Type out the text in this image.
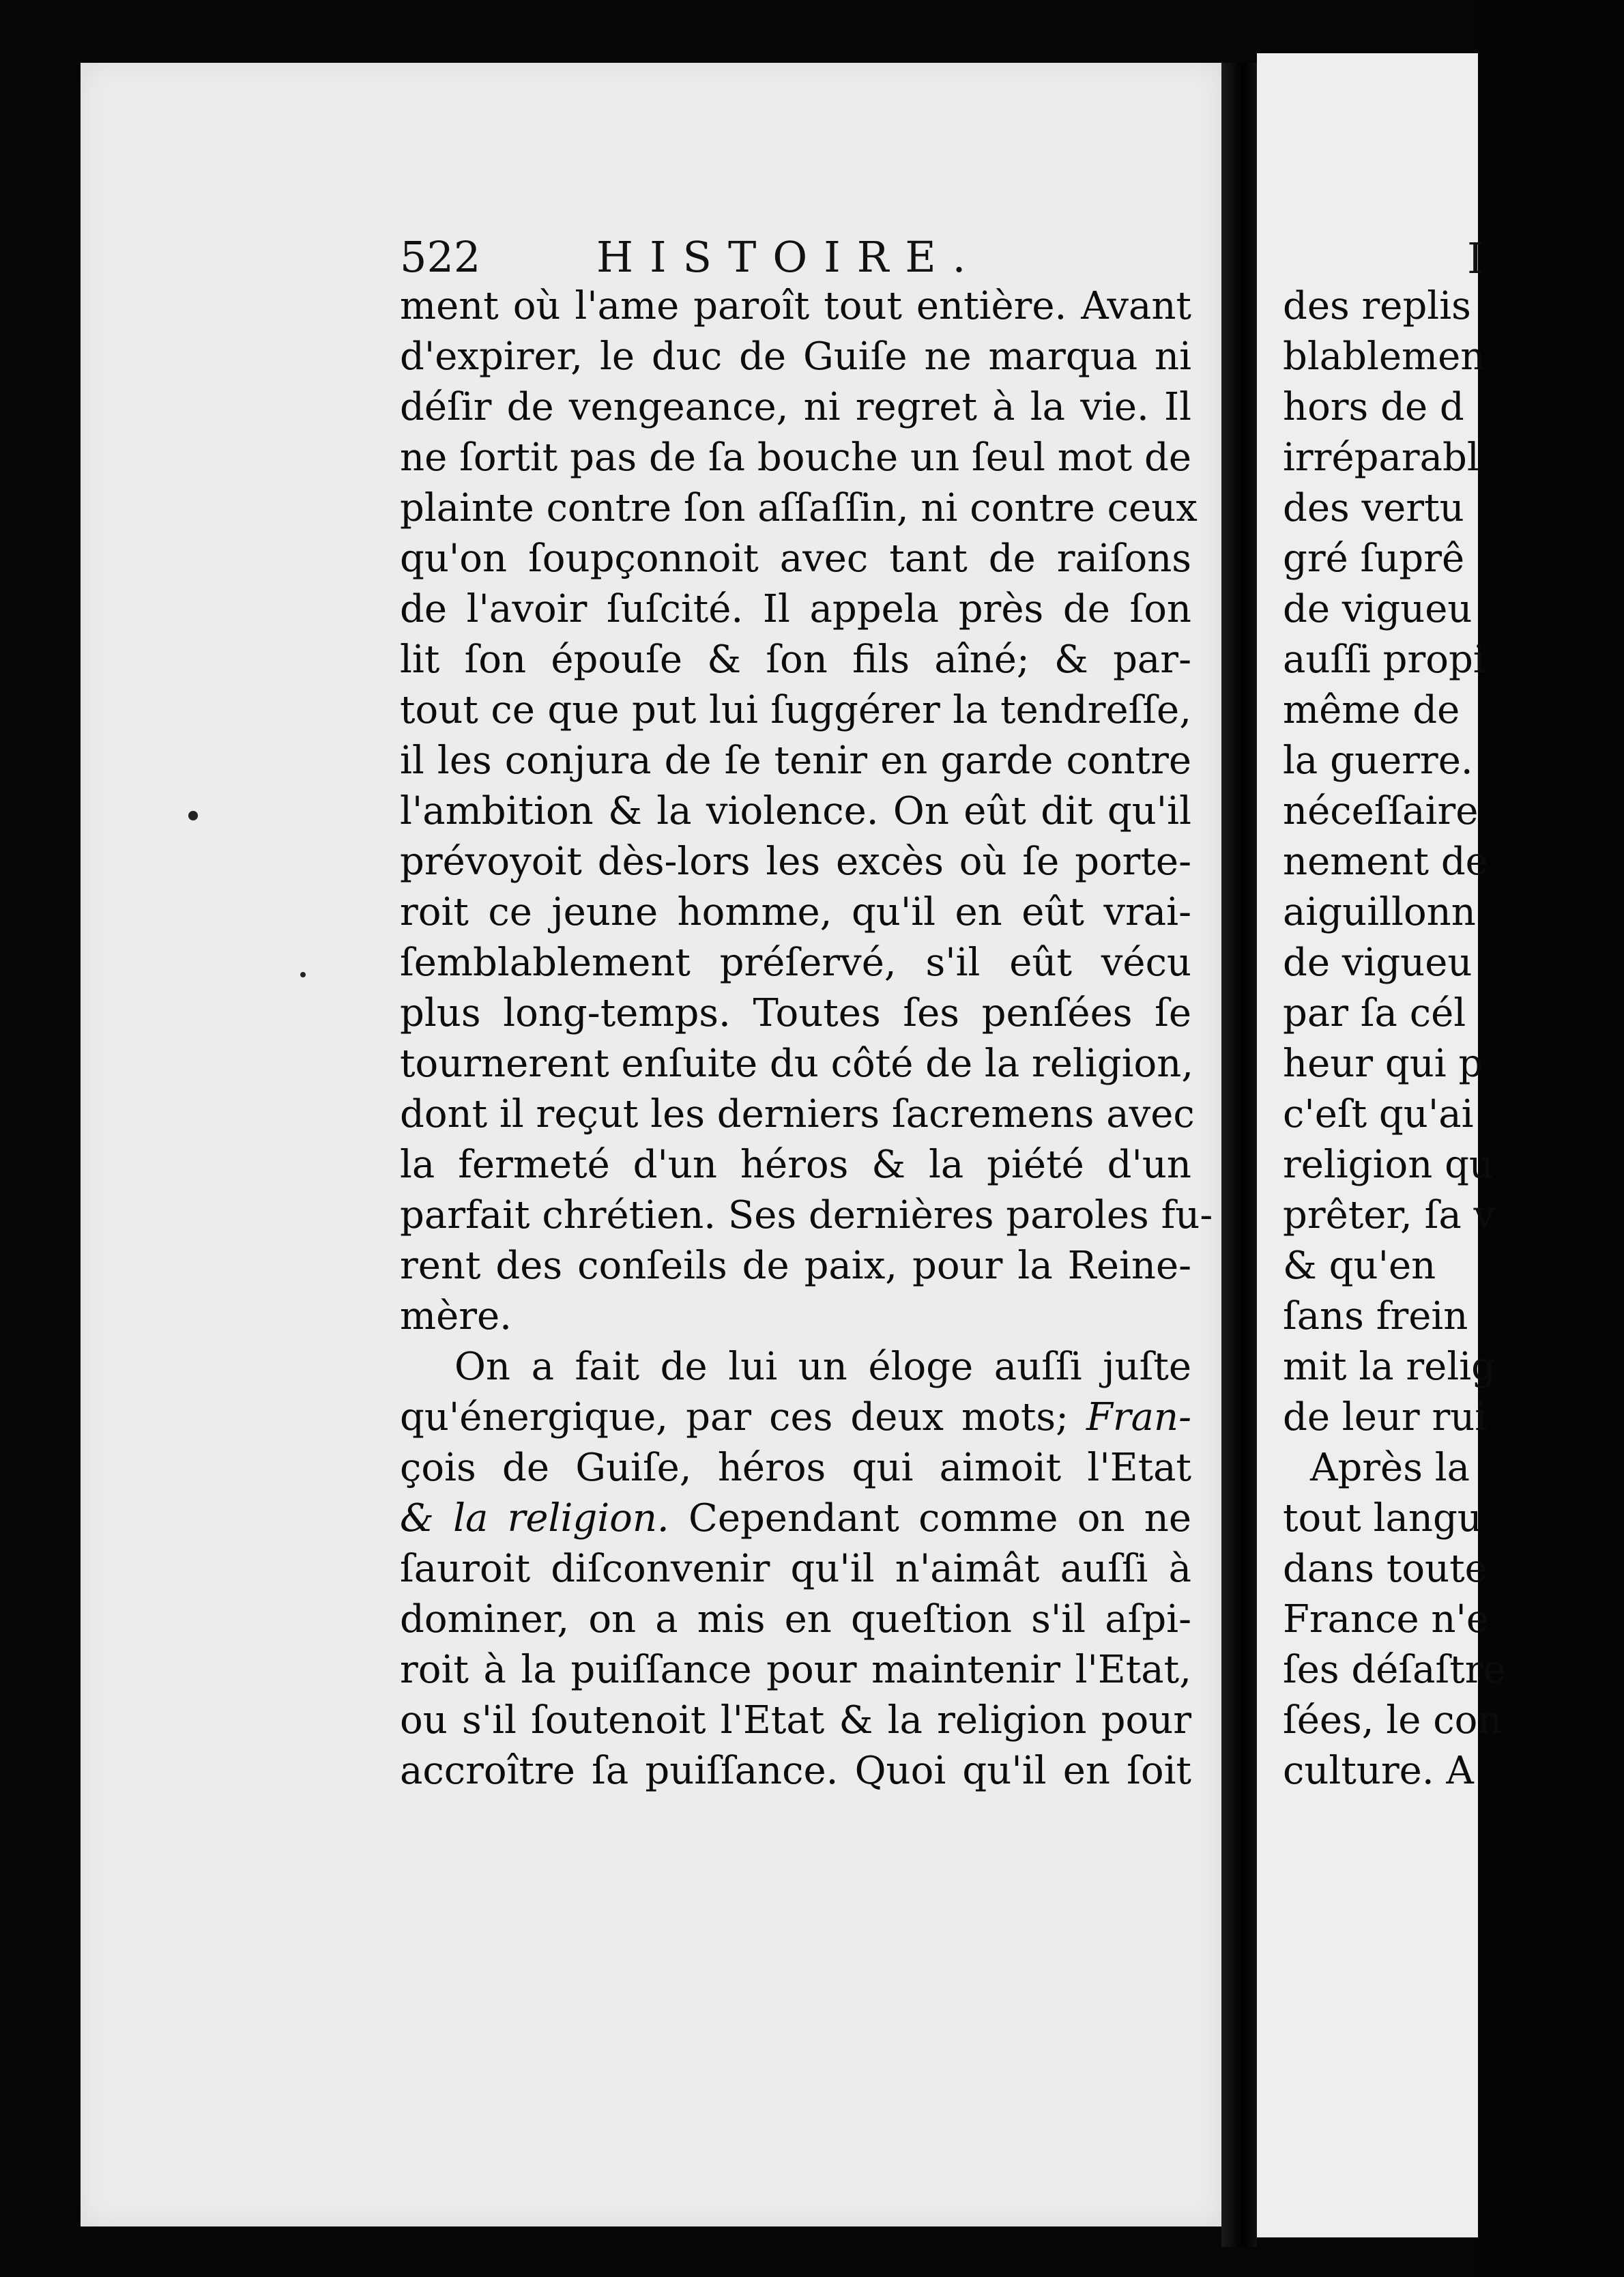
522	HISTOIRE.	I
ment où l'ame paroît tout entière. Avant
d'expirer, le duc de Guiſe ne marqua ni
déſir de vengeance, ni regret à la vie. Il
ne ſortit pas de ſa bouche un ſeul mot de
plainte contre ſon aſſaſſin, ni contre ceux
qu'on ſoupçonnoit avec tant de raiſons
de l'avoir ſuſcité. Il appela près de ſon
lit ſon épouſe & ſon fils aîné; & par-
tout ce que put lui ſuggérer la tendreſſe,
il les conjura de ſe tenir en garde contre
l'ambition & la violence. On eût dit qu'il
prévoyoit dès-lors les excès où ſe porte-
roit ce jeune homme, qu'il en eût vrai-
ſemblablement préſervé, s'il eût vécu
plus long-temps. Toutes ſes penſées ſe
tournerent enſuite du côté de la religion,
dont il reçut les derniers ſacremens avec
la fermeté d'un héros & la piété d'un
parfait chrétien. Ses dernières paroles fu-
rent des conſeils de paix, pour la Reine-
mère.
On a fait de lui un éloge auſſi juſte
qu'énergique, par ces deux mots; Fran-
çois de Guiſe, héros qui aimoit l'Etat
& la religion. Cependant comme on ne
ſauroit diſconvenir qu'il n'aimât auſſi à
dominer, on a mis en queſtion s'il aſpi-
roit à la puiſſance pour maintenir l'Etat,
ou s'il ſoutenoit l'Etat & la religion pour
accroître ſa puiſſance. Quoi qu'il en ſoit
des replis
blablemen
hors de d
irréparabl
des vertu
gré ſuprê
de vigueu
auſſi propi
même de
la guerre.
néceſſaire
nement de
aiguillonn
de vigueu
par ſa cél
heur qui p
c'eſt qu'ai
religion qu
prêter, ſa v
& qu'en
ſans frein
mit la relig
de leur rui
Après la
tout langu
dans toute
France n'e
ſes déſaſtre
ſées, le con
culture. A
